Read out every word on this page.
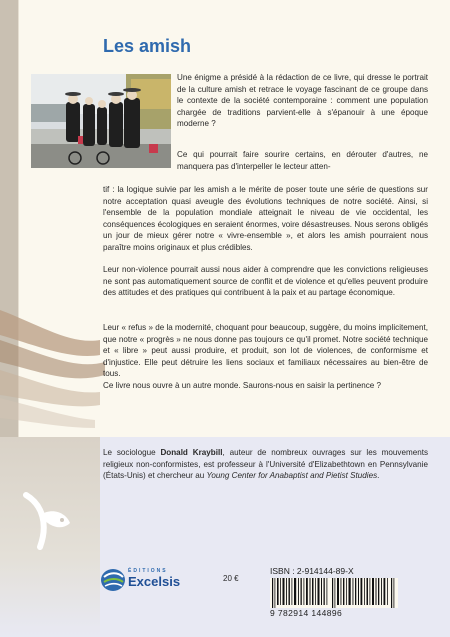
Les amish

Une énigme a présidé à la rédaction de ce livre, qui dresse le portrait de la culture amish et retrace le voyage fascinant de ce groupe dans le contexte de la société contemporaine : comment une population chargée de traditions parvient-elle à s'épanouir à une époque moderne ?

Ce qui pourrait faire sourire certains, en dérouter d'autres, ne manquera pas d'interpeller le lecteur atten-

tif : la logique suivie par les amish a le mérite de poser toute une série de questions sur notre acceptation quasi aveugle des évolutions techniques de notre société. Ainsi, si l'ensemble de la population mondiale atteignait le niveau de vie occidental, les conséquences écologiques en seraient énormes, voire désastreuses. Nous serons obligés un jour de mieux gérer notre « vivre-ensemble », et alors les amish pourraient nous paraître moins originaux et plus crédibles.

Leur non-violence pourrait aussi nous aider à comprendre que les convictions religieuses ne sont pas automatiquement source de conflit et de violence et qu'elles peuvent produire des attitudes et des pratiques qui contribuent à la paix et au partage économique.

Leur « refus » de la modernité, choquant pour beaucoup, suggère, du moins implicitement, que notre « progrès » ne nous donne pas toujours ce qu'il promet. Notre société technique et « libre » peut aussi produire, et produit, son lot de violences, de conformisme et d'injustice. Elle peut détruire les liens sociaux et familiaux nécessaires au bien-être de tous.

Ce livre nous ouvre à un autre monde. Saurons-nous en saisir la pertinence ?

Le sociologue Donald Kraybill, auteur de nombreux ouvrages sur les mouvements religieux non-conformistes, est professeur à l'Université d'Elizabethtown en Pennsylvanie (États-Unis) et chercheur au Young Center for Anabaptist and Pietist Studies.

ÉDITIONS
Excelsis	20 €
ISBN : 2-914144-89-X
9 782914 144896
